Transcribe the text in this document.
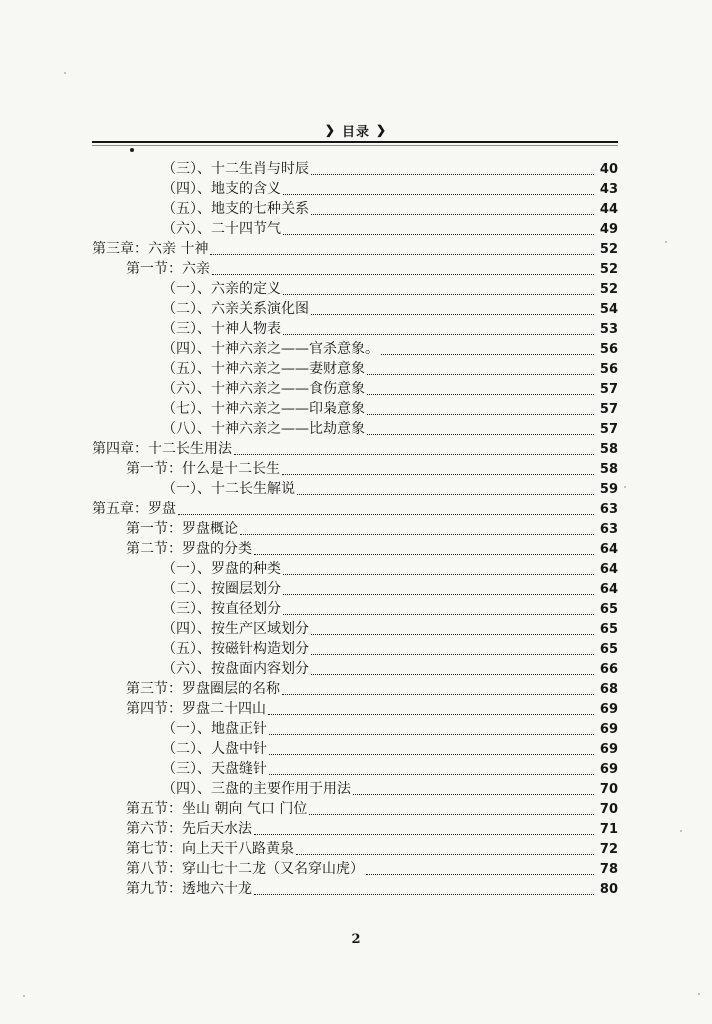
❯ 目录 ❯
（三）、十二生肖与时辰	40
（四）、地支的含义	43
（五）、地支的七种关系	44
（六）、二十四节气	49
第三章：六亲 十神	52
第一节：六亲	52
（一）、六亲的定义	52
（二）、六亲关系演化图	54
（三）、十神人物表	53
（四）、十神六亲之——官杀意象。	56
（五）、十神六亲之——妻财意象	56
（六）、十神六亲之——食伤意象	57
（七）、十神六亲之——印枭意象	57
（八）、十神六亲之——比劫意象	57
第四章：十二长生用法	58
第一节：什么是十二长生	58
（一）、十二长生解说	59
第五章：罗盘	63
第一节：罗盘概论	63
第二节：罗盘的分类	64
（一）、罗盘的种类	64
（二）、按圈层划分	64
（三）、按直径划分	65
（四）、按生产区域划分	65
（五）、按磁针构造划分	65
（六）、按盘面内容划分	66
第三节：罗盘圈层的名称	68
第四节：罗盘二十四山	69
（一）、地盘正针	69
（二）、人盘中针	69
（三）、天盘缝针	69
（四）、三盘的主要作用于用法	70
第五节：坐山 朝向 气口 门位	70
第六节：先后天水法	71
第七节：向上天干八路黄泉	72
第八节：穿山七十二龙（又名穿山虎）	78
第九节：透地六十龙	80
2
